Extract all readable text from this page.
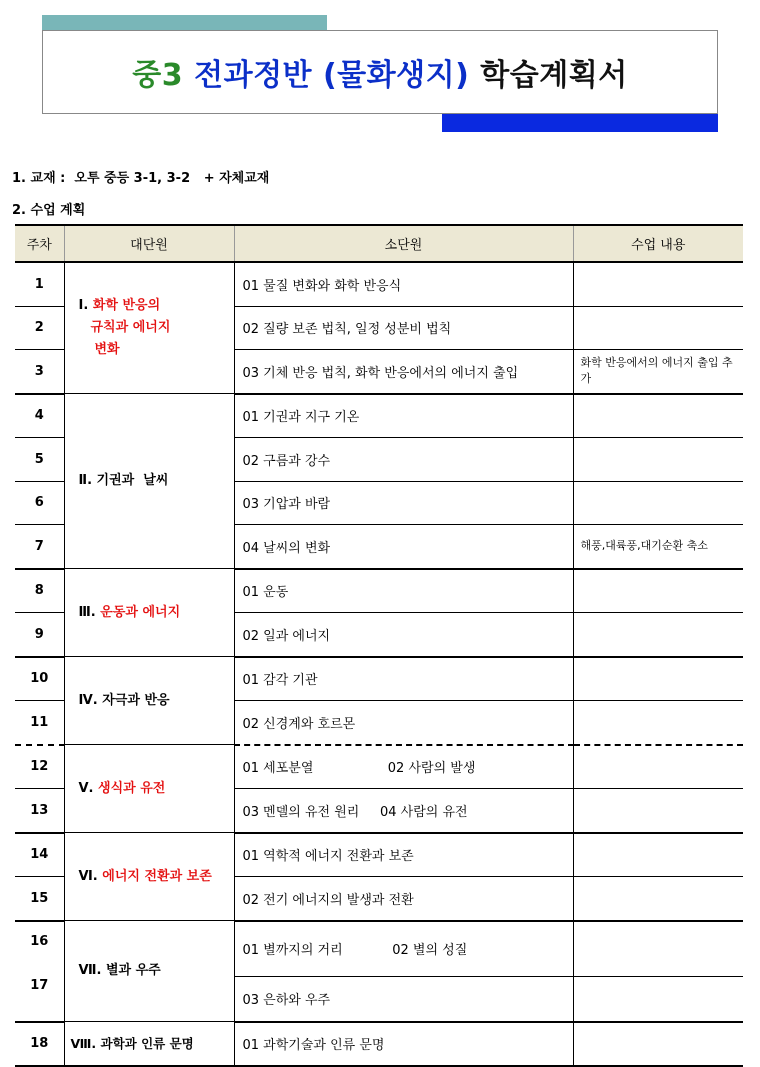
중3 전과정반 (물화생지) 학습계획서
1. 교재 :  오투 중등 3-1, 3-2   + 자체교재
2. 수업 계획
주차	대단원	소단원	수업 내용
1	Ⅰ. 화학 반응의
규칙과 에너지
변화	01 물질 변화와 화학 반응식	
2		02 질량 보존 법칙, 일정 성분비 법칙	
3		03 기체 반응 법칙, 화학 반응에서의 에너지 출입	화학 반응에서의 에너지 출입 추가
4	Ⅱ. 기권과  날씨	01 기권과 지구 기온	
5		02 구름과 강수	
6		03 기압과 바람	
7		04 날씨의 변화	해풍,대륙풍,대기순환 축소
8	Ⅲ. 운동과 에너지	01 운동	
9		02 일과 에너지	
10	Ⅳ. 자극과 반응	01 감각 기관	
11		02 신경계와 호르몬	
12	Ⅴ. 생식과 유전	01 세포분열                  02 사람의 발생	
13		03 멘델의 유전 원리     04 사람의 유전	
14	Ⅵ. 에너지 전환과 보존	01 역학적 에너지 전환과 보존	
15		02 전기 에너지의 발생과 전환	
16	Ⅶ. 별과 우주	01 별까지의 거리            02 별의 성질	
17		03 은하와 우주	
18	Ⅷ. 과학과 인류 문명	01 과학기술과 인류 문명	
